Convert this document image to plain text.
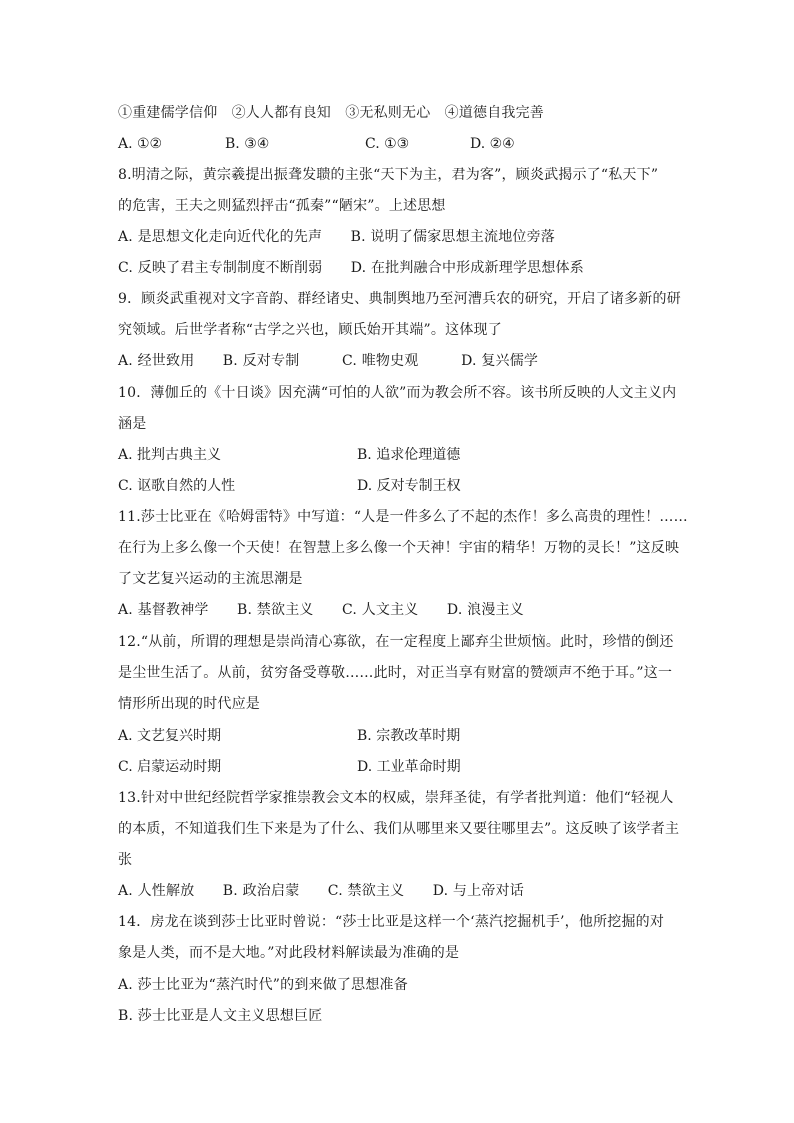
①重建儒学信仰　②人人都有良知　③无私则无心　④道德自我完善
A. ①②	B. ③④	C. ①③	D. ②④
8.明清之际，黄宗羲提出振聋发聩的主张“天下为主，君为客”，顾炎武揭示了“私天下”
的危害，王夫之则猛烈抨击“孤秦”“陋宋”。上述思想
A. 是思想文化走向近代化的先声　　B. 说明了儒家思想主流地位旁落
C. 反映了君主专制制度不断削弱　　D. 在批判融合中形成新理学思想体系
9．顾炎武重视对文字音韵、群经诸史、典制舆地乃至河漕兵农的研究，开启了诸多新的研
究领域。后世学者称“古学之兴也，顾氏始开其端”。这体现了
A. 经世致用　　B. 反对专制　　　C. 唯物史观　　　D. 复兴儒学
10．薄伽丘的《十日谈》因充满“可怕的人欲”而为教会所不容。该书所反映的人文主义内
涵是
A. 批判古典主义	B. 追求伦理道德
C. 讴歌自然的人性	D. 反对专制王权
11.莎士比亚在《哈姆雷特》中写道：“人是一件多么了不起的杰作！多么高贵的理性！……
在行为上多么像一个天使！在智慧上多么像一个天神！宇宙的精华！万物的灵长！”这反映
了文艺复兴运动的主流思潮是
A. 基督教神学　　B. 禁欲主义　　C. 人文主义　　D. 浪漫主义
12.“从前，所谓的理想是崇尚清心寡欲，在一定程度上鄙弃尘世烦恼。此时，珍惜的倒还
是尘世生活了。从前，贫穷备受尊敬……此时，对正当享有财富的赞颂声不绝于耳。”这一
情形所出现的时代应是
A. 文艺复兴时期	B. 宗教改革时期
C. 启蒙运动时期	D. 工业革命时期
13.针对中世纪经院哲学家推崇教会文本的权威，崇拜圣徒，有学者批判道：他们“轻视人
的本质，不知道我们生下来是为了什么、我们从哪里来又要往哪里去”。这反映了该学者主
张
A. 人性解放　　B. 政治启蒙　　C. 禁欲主义　　D. 与上帝对话
14．房龙在谈到莎士比亚时曾说：“莎士比亚是这样一个‘蒸汽挖掘机手’，他所挖掘的对
象是人类，而不是大地。”对此段材料解读最为准确的是
A. 莎士比亚为“蒸汽时代”的到来做了思想准备
B. 莎士比亚是人文主义思想巨匠
